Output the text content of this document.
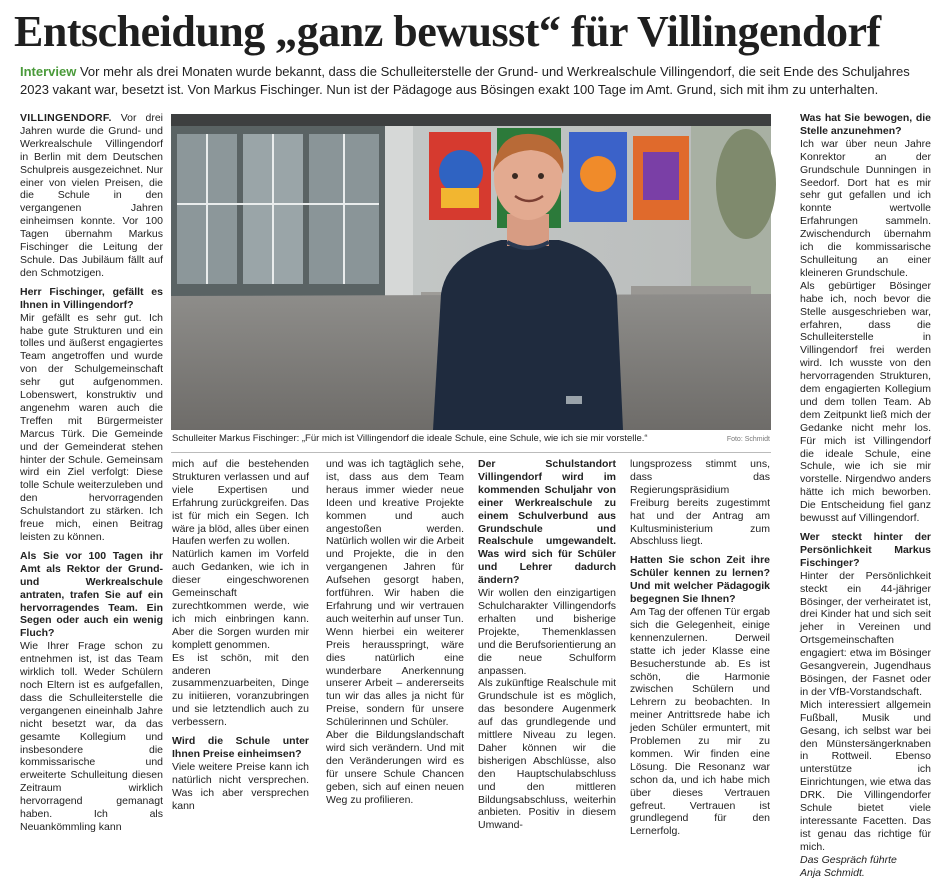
Entscheidung „ganz bewusst“ für Villingendorf

Interview Vor mehr als drei Monaten wurde bekannt, dass die Schulleiterstelle der Grund- und Werkrealschule Villingendorf, die seit Ende des Schuljahres 2023 vakant war, besetzt ist. Von Markus Fischinger. Nun ist der Pädagoge aus Bösingen exakt 100 Tage im Amt. Grund, sich mit ihm zu unterhalten.

VILLINGENDORF. Vor drei Jahren wurde die Grund- und Werkrealschule Villingendorf in Berlin mit dem Deutschen Schulpreis ausgezeichnet. Nur einer von vielen Preisen, die die Schule in den vergangenen Jahren einheimsen konnte. Vor 100 Tagen übernahm Markus Fischinger die Leitung der Schule. Das Jubiläum fällt auf den Schmotzigen.

Herr Fischinger, gefällt es Ihnen in Villingendorf?

Mir gefällt es sehr gut. Ich habe gute Strukturen und ein tolles und äußerst engagiertes Team angetroffen und wurde von der Schulgemeinschaft sehr gut aufgenommen. Lobenswert, konstruktiv und angenehm waren auch die Treffen mit Bürgermeister Marcus Türk. Die Gemeinde und der Gemeinderat stehen hinter der Schule. Gemeinsam wird ein Ziel verfolgt: Diese tolle Schule weiterzuleben und den hervorragenden Schulstandort zu stärken. Ich freue mich, einen Beitrag leisten zu können.

Als Sie vor 100 Tagen ihr Amt als Rektor der Grund- und Werkrealschule antraten, trafen Sie auf ein hervorragendes Team. Ein Segen oder auch ein wenig Fluch?

Wie Ihrer Frage schon zu entnehmen ist, ist das Team wirklich toll. Weder Schülern noch Eltern ist es aufgefallen, dass die Schulleiterstelle die vergangenen eineinhalb Jahre nicht besetzt war, da das gesamte Kollegium und insbesondere die kommissarische und erweiterte Schulleitung diesen Zeitraum wirklich hervorragend gemanagt haben. Ich als Neuankömmling kann

Schulleiter Markus Fischinger: „Für mich ist Villingendorf die ideale Schule, eine Schule, wie ich sie mir vorstelle.“	Foto: Schmidt

mich auf die bestehenden Strukturen verlassen und auf viele Expertisen und Erfahrung zurückgreifen. Das ist für mich ein Segen. Ich wäre ja blöd, alles über einen Haufen werfen zu wollen.

Natürlich kamen im Vorfeld auch Gedanken, wie ich in dieser eingeschworenen Gemeinschaft zurechtkommen werde, wie ich mich einbringen kann. Aber die Sorgen wurden mir komplett genommen.

Es ist schön, mit den anderen zusammenzuarbeiten, Dinge zu initiieren, voranzubringen und sie letztendlich auch zu verbessern.

Wird die Schule unter Ihnen Preise einheimsen?

Viele weitere Preise kann ich natürlich nicht versprechen. Was ich aber versprechen kann

und was ich tagtäglich sehe, ist, dass aus dem Team heraus immer wieder neue Ideen und kreative Projekte kommen und auch angestoßen werden. Natürlich wollen wir die Arbeit und Projekte, die in den vergangenen Jahren für Aufsehen gesorgt haben, fortführen. Wir haben die Erfahrung und wir vertrauen auch weiterhin auf unser Tun.

Wenn hierbei ein weiterer Preis herausspringt, wäre dies natürlich eine wunderbare Anerkennung unserer Arbeit – andererseits tun wir das alles ja nicht für Preise, sondern für unsere Schülerinnen und Schüler.

Aber die Bildungslandschaft wird sich verändern. Und mit den Veränderungen wird es für unsere Schule Chancen geben, sich auf einen neuen Weg zu profilieren.

Der Schulstandort Villingendorf wird im kommenden Schuljahr von einer Werkrealschule zu einem Schulverbund aus Grundschule und Realschule umgewandelt. Was wird sich für Schüler und Lehrer dadurch ändern?

Wir wollen den einzigartigen Schulcharakter Villingendorfs erhalten und bisherige Projekte, Themenklassen und die Berufsorientierung an die neue Schulform anpassen.

Als zukünftige Realschule mit Grundschule ist es möglich, das besondere Augenmerk auf das grundlegende und mittlere Niveau zu legen. Daher können wir die bisherigen Abschlüsse, also den Hauptschulabschluss und den mittleren Bildungsabschluss, weiterhin anbieten. Positiv in diesem Umwand-

lungsprozess stimmt uns, dass das Regierungspräsidium Freiburg bereits zugestimmt hat und der Antrag am Kultusministerium zum Abschluss liegt.

Hatten Sie schon Zeit ihre Schüler kennen zu lernen? Und mit welcher Pädagogik begegnen Sie Ihnen?

Am Tag der offenen Tür ergab sich die Gelegenheit, einige kennenzulernen. Derweil statte ich jeder Klasse eine Besucherstunde ab. Es ist schön, die Harmonie zwischen Schülern und Lehrern zu beobachten. In meiner Antrittsrede habe ich jeden Schüler ermuntert, mit Problemen zu mir zu kommen. Wir finden eine Lösung. Die Resonanz war schon da, und ich habe mich über dieses Vertrauen gefreut. Vertrauen ist grundlegend für den Lernerfolg.

Was hat Sie bewogen, die Stelle anzunehmen?

Ich war über neun Jahre Konrektor an der Grundschule Dunningen in Seedorf. Dort hat es mir sehr gut gefallen und ich konnte wertvolle Erfahrungen sammeln. Zwischendurch übernahm ich die kommissarische Schulleitung an einer kleineren Grundschule.

Als gebürtiger Bösinger habe ich, noch bevor die Stelle ausgeschrieben war, erfahren, dass die Schulleiterstelle in Villingendorf frei werden wird. Ich wusste von den hervorragenden Strukturen, dem engagierten Kollegium und dem tollen Team. Ab dem Zeitpunkt ließ mich der Gedanke nicht mehr los. Für mich ist Villingendorf die ideale Schule, eine Schule, wie ich sie mir vorstelle. Nirgendwo anders hätte ich mich beworben. Die Entscheidung fiel ganz bewusst auf Villingendorf.

Wer steckt hinter der Persönlichkeit Markus Fischinger?

Hinter der Persönlichkeit steckt ein 44-jähriger Bösinger, der verheiratet ist, drei Kinder hat und sich seit jeher in Vereinen und Ortsgemeinschaften engagiert: etwa im Bösinger Gesangverein, Jugendhaus Bösingen, der Fasnet oder in der VfB-Vorstandschaft.

Mich interessiert allgemein Fußball, Musik und Gesang, ich selbst war bei den Münstersängerknaben in Rottweil. Ebenso unterstütze ich Einrichtungen, wie etwa das DRK. Die Villingendorfer Schule bietet viele interessante Facetten. Das ist genau das richtige für mich.

Das Gespräch führte
Anja Schmidt.
